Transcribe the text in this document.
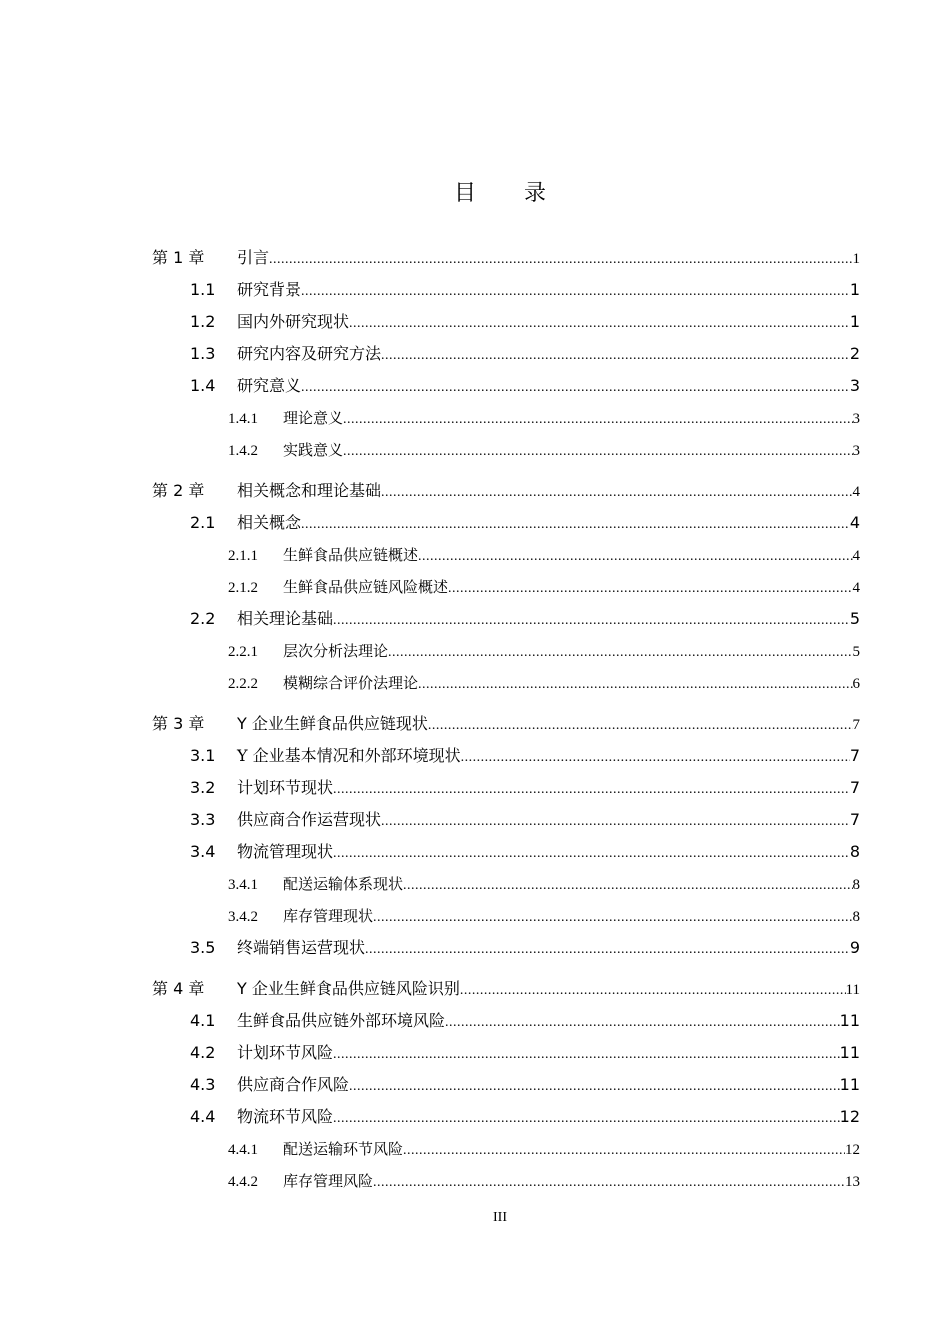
目录
第 1 章	引言 .....	1
1.1	研究背景 .....	1
1.2	国内外研究现状 .....	1
1.3	研究内容及研究方法 .....	2
1.4	研究意义 .....	3
1.4.1	理论意义 .....	3
1.4.2	实践意义 .....	3
第 2 章	相关概念和理论基础 .....	4
2.1	相关概念 .....	4
2.1.1	生鲜食品供应链概述 .....	4
2.1.2	生鲜食品供应链风险概述 .....	4
2.2	相关理论基础 .....	5
2.2.1	层次分析法理论 .....	5
2.2.2	模糊综合评价法理论 .....	6
第 3 章	Y 企业生鲜食品供应链现状 .....	7
3.1	Y 企业基本情况和外部环境现状 .....	7
3.2	计划环节现状 .....	7
3.3	供应商合作运营现状 .....	7
3.4	物流管理现状 .....	8
3.4.1	配送运输体系现状 .....	8
3.4.2	库存管理现状 .....	8
3.5	终端销售运营现状 .....	9
第 4 章	Y 企业生鲜食品供应链风险识别 .....	11
4.1	生鲜食品供应链外部环境风险 .....	11
4.2	计划环节风险 .....	11
4.3	供应商合作风险 .....	11
4.4	物流环节风险 .....	12
4.4.1	配送运输环节风险 .....	12
4.4.2	库存管理风险 .....	13
III
